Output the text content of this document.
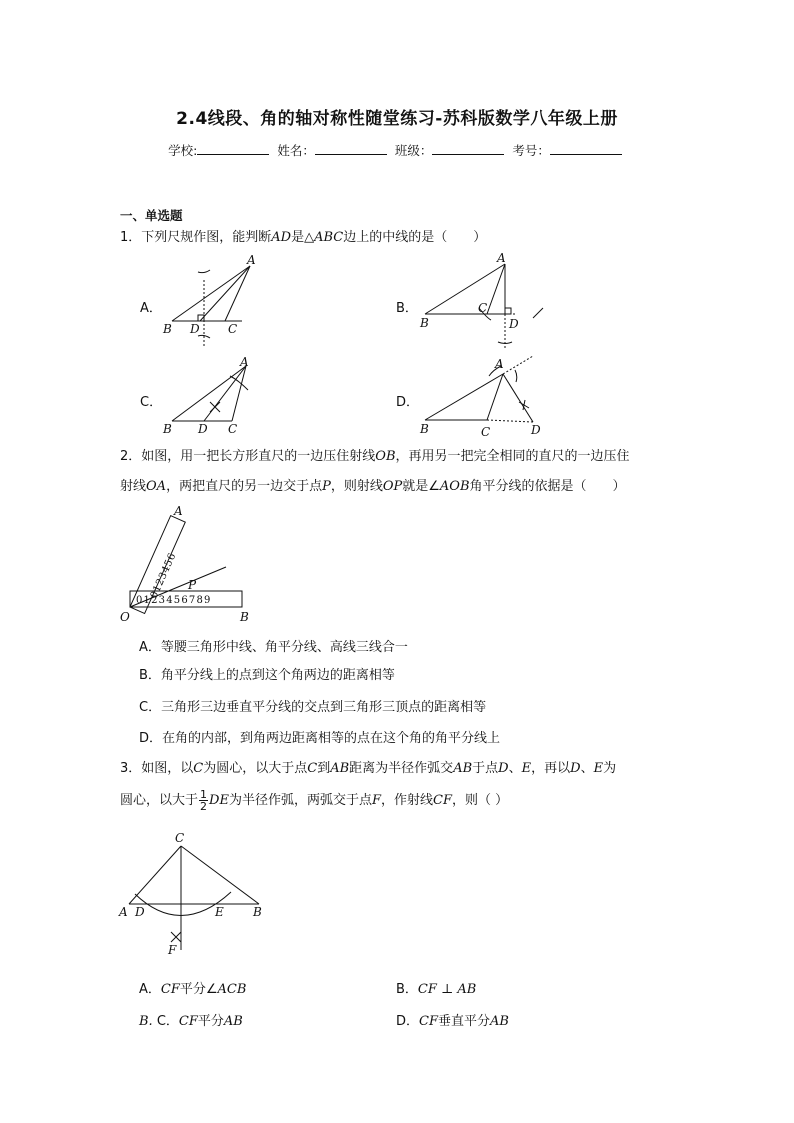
2.4线段、角的轴对称性随堂练习-苏科版数学八年级上册
学校:	姓名：	班级：	考号：
一、单选题
1．下列尺规作图，能判断AD是△ABC边上的中线的是（　　）
A．	B．
C．	D．
A
B D C
A
B
C
D
A
B D C
A
B	C	D
2．如图，用一把长方形直尺的一边压住射线OB，再用另一把完全相同的直尺的一边压住
射线OA，两把直尺的另一边交于点P，则射线OP就是∠AOB角平分线的依据是（　　）
0123456789
0123456
A
O	B
P
A．等腰三角形中线、角平分线、高线三线合一
B．角平分线上的点到这个角两边的距离相等
C．三角形三边垂直平分线的交点到三角形三顶点的距离相等
D．在角的内部，到角两边距离相等的点在这个角的角平分线上
3．如图，以C为圆心，以大于点C到AB距离为半径作弧交AB于点D、E，再以D、E为
圆心，以大于 $\frac{1}{2}$ DE为半径作弧，两弧交于点F，作射线CF，则（ ）
C
A D	E B
F
A．CF平分∠ACB	B．CF ⊥ AB
B. C．CF平分AB	D．CF垂直平分AB
